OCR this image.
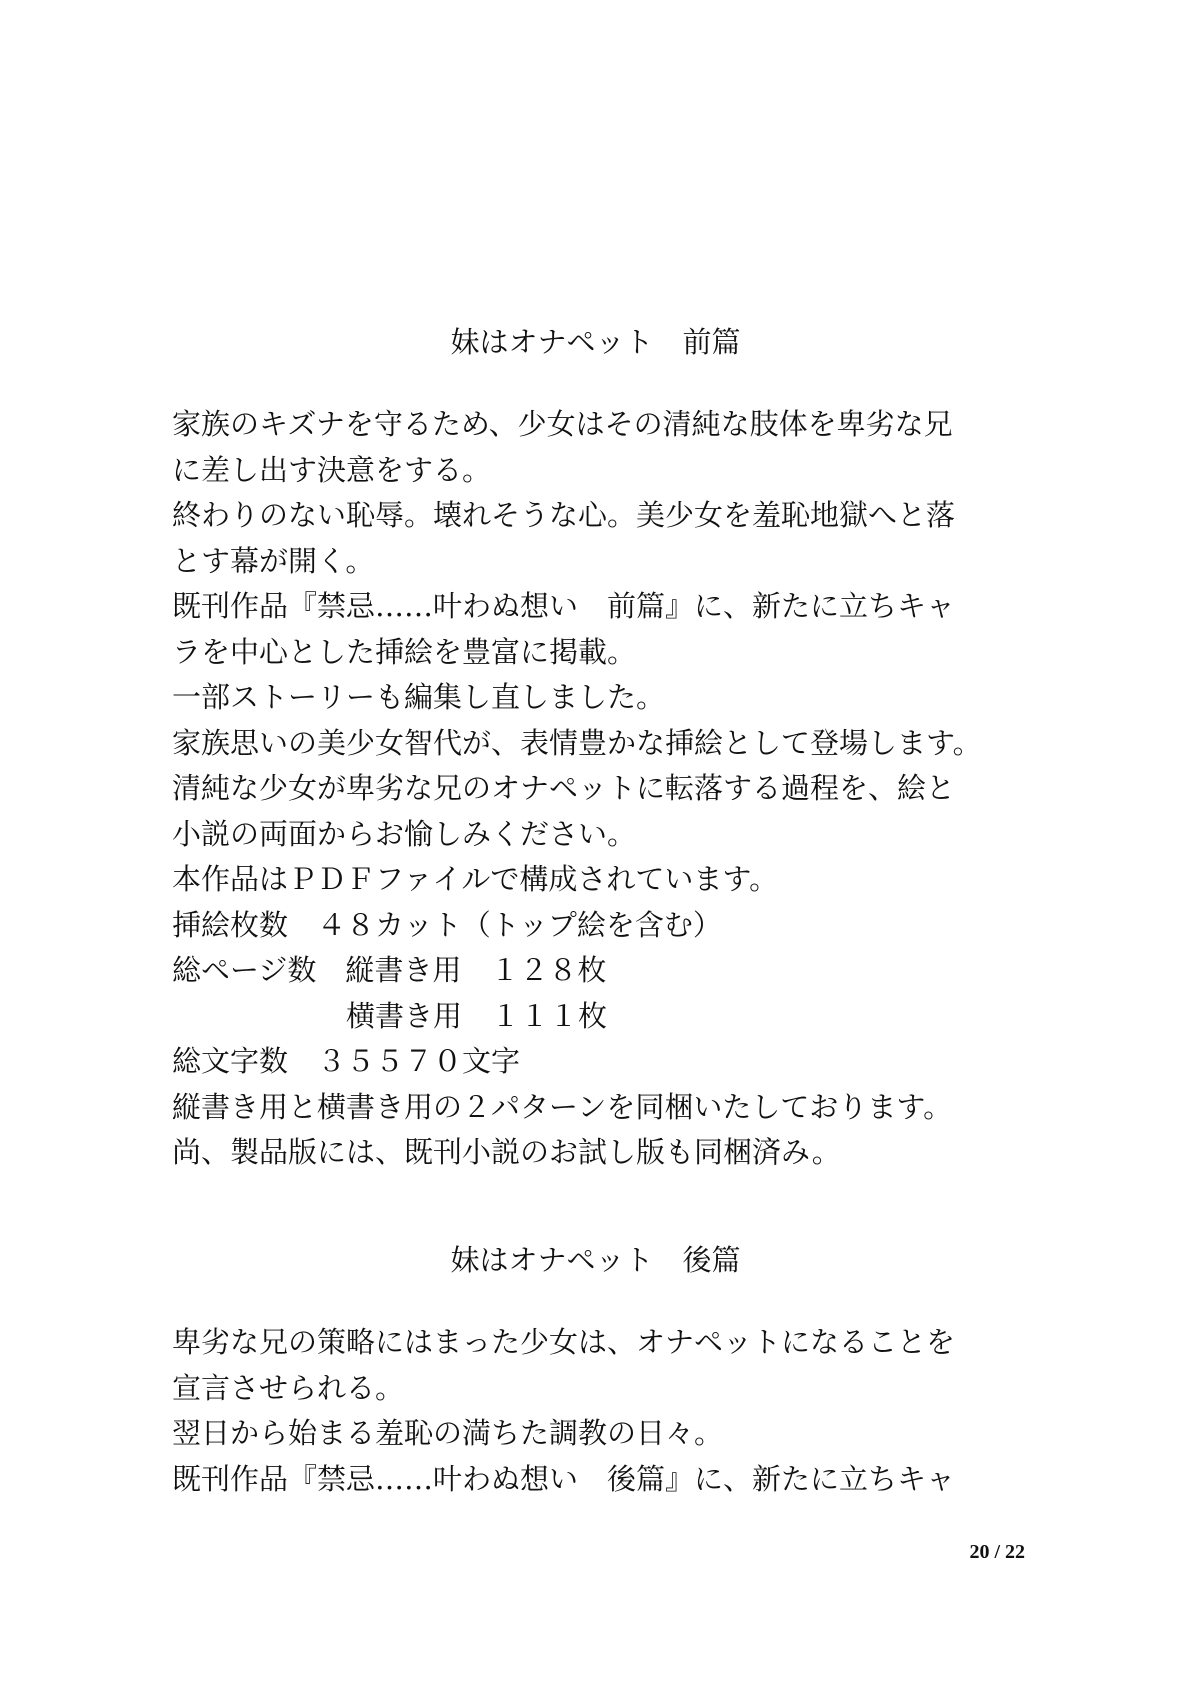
妹はオナペット　前篇
家族のキズナを守るため、少女はその清純な肢体を卑劣な兄
に差し出す決意をする。
終わりのない恥辱。壊れそうな心。美少女を羞恥地獄へと落
とす幕が開く。
既刊作品『禁忌……叶わぬ想い　前篇』に、新たに立ちキャ
ラを中心とした挿絵を豊富に掲載。
一部ストーリーも編集し直しました。
家族思いの美少女智代が、表情豊かな挿絵として登場します。
清純な少女が卑劣な兄のオナペットに転落する過程を、絵と
小説の両面からお愉しみください。
本作品はＰＤＦファイルで構成されています。
挿絵枚数　４８カット（トップ絵を含む）
総ページ数　縦書き用　１２８枚
　　　　　　横書き用　１１１枚
総文字数　３５５７０文字
縦書き用と横書き用の２パターンを同梱いたしております。
尚、製品版には、既刊小説のお試し版も同梱済み。
妹はオナペット　後篇
卑劣な兄の策略にはまった少女は、オナペットになることを
宣言させられる。
翌日から始まる羞恥の満ちた調教の日々。
既刊作品『禁忌……叶わぬ想い　後篇』に、新たに立ちキャ
20 / 22
